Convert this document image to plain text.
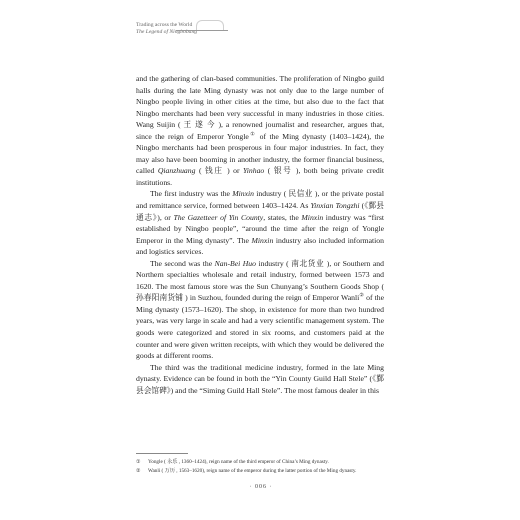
Trading across the World
The Legend of Ningbobang

and the gathering of clan-based communities. The proliferation of Ningbo guild halls during the late Ming dynasty was not only due to the large number of Ningbo people living in other cities at the time, but also due to the fact that Ningbo merchants had been very successful in many industries in those cities. Wang Suijin ( 王 遂 今 ), a renowned journalist and researcher, argues that, since the reign of Emperor Yongle① of the Ming dynasty (1403–1424), the Ningbo merchants had been prosperous in four major industries. In fact, they may also have been booming in another industry, the former financial business, called Qianzhuang ( 钱庄 ) or Yinhao ( 银号 ), both being private credit institutions.

The first industry was the Minxin industry ( 民信业 ), or the private postal and remittance service, formed between 1403–1424. As Yinxian Tongzhi (《鄞县通志》), or The Gazetteer of Yin County, states, the Minxin industry was “first established by Ningbo people”, “around the time after the reign of Yongle Emperor in the Ming dynasty”. The Minxin industry also included information and logistics services.

The second was the Nan-Bei Huo industry ( 南北货业 ), or Southern and Northern specialties wholesale and retail industry, formed between 1573 and 1620. The most famous store was the Sun Chunyang’s Southern Goods Shop ( 孙春阳南货铺 ) in Suzhou, founded during the reign of Emperor Wanli② of the Ming dynasty (1573–1620). The shop, in existence for more than two hundred years, was very large in scale and had a very scientific management system. The goods were categorized and stored in six rooms, and customers paid at the counter and were given written receipts, with which they would be delivered the goods at different rooms.

The third was the traditional medicine industry, formed in the late Ming dynasty. Evidence can be found in both the “Yin County Guild Hall Stele” (《鄞县会馆碑》) and the “Siming Guild Hall Stele”. The most famous dealer in this

① Yongle ( 永乐 , 1360–1424), reign name of the third emperor of China’s Ming dynasty.
② Wanli ( 万历 , 1563–1620), reign name of the emperor during the latter portion of the Ming dynasty.
· 006 ·
